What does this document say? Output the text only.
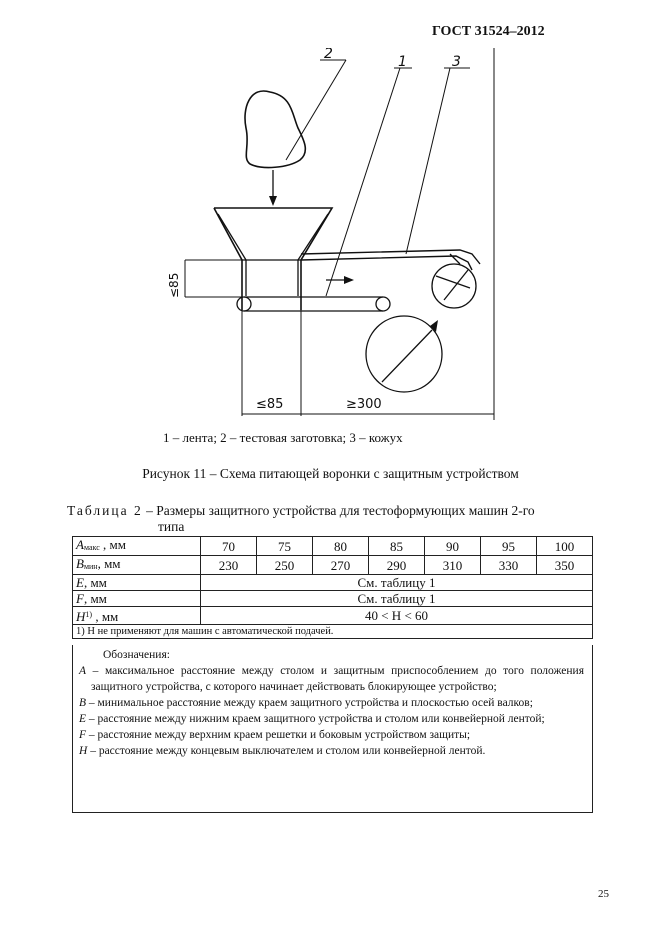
ГОСТ 31524–2012
≤85
≤85	≥300
2	1	3
1 – лента; 2 – тестовая заготовка; 3 – кожух
Рисунок 11 – Схема питающей воронки с защитным устройством
Таблица 2 – Размеры защитного устройства для тестоформующих машин 2-го
типа
$A_{макс}$ , мм	70	75	80	85	90	95	100
$B_{мин}$, мм	230	250	270	290	310	330	350
E, мм	См. таблицу 1						
F, мм	См. таблицу 1						
$H^{1)}$ , мм	40 < H < 60						
1) H не применяют для машин с автоматической подачей.							

Обозначения:

A – максимальное расстояние между столом и защитным приспособлением до того положения защитного устройства, с которого начинает действовать блокирующее устройство;

B – минимальное расстояние между краем защитного устройства и плоскостью осей валков;

E – расстояние между нижним краем защитного устройства и столом или конвейерной лентой;

F – расстояние между верхним краем решетки и боковым устройством защиты;

H – расстояние между концевым выключателем и столом или конвейерной лентой.

25
